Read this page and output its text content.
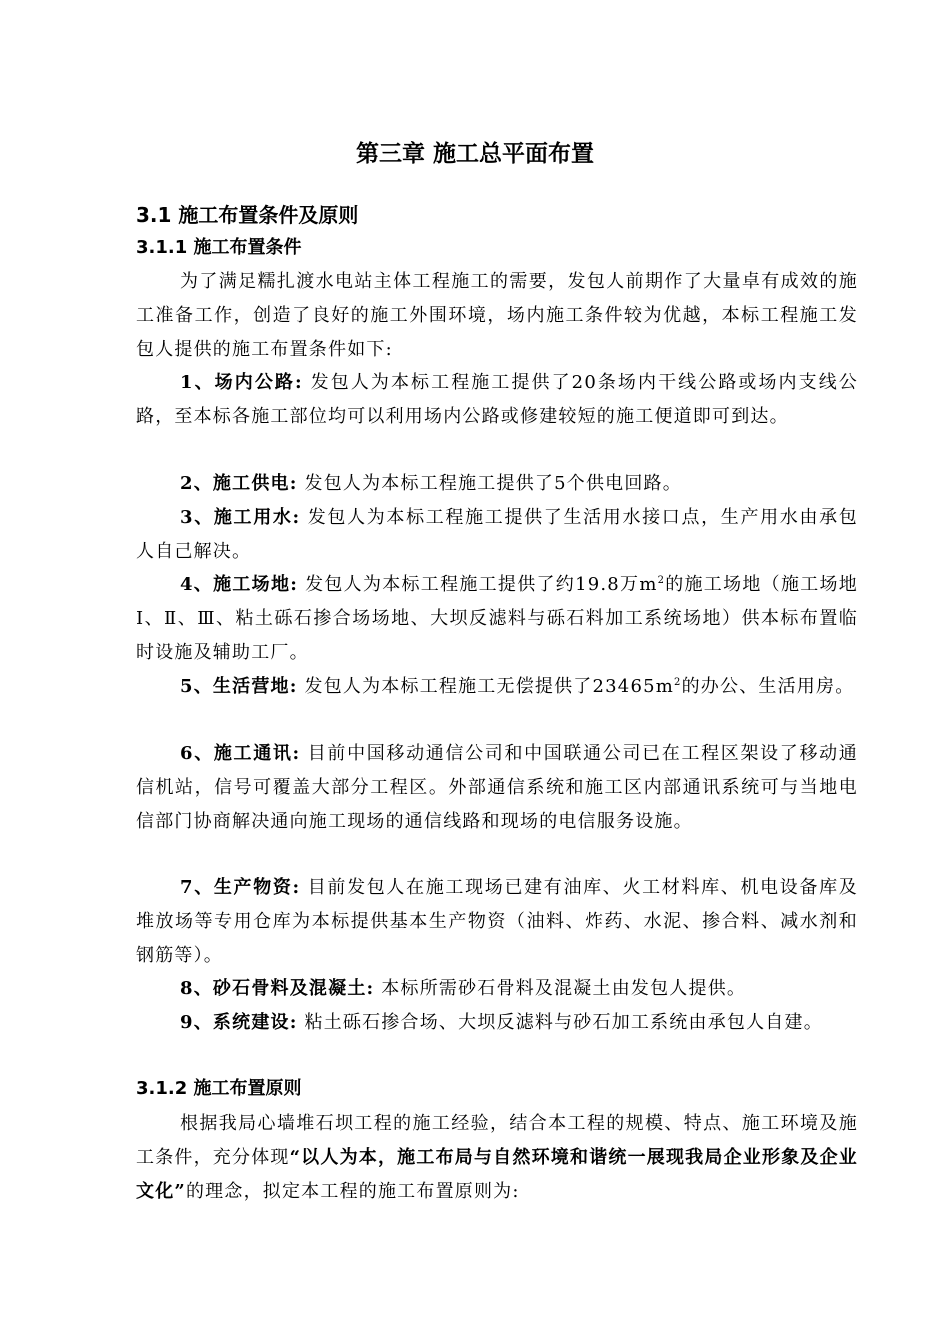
第三章 施工总平面布置
3.1 施工布置条件及原则
3.1.1 施工布置条件

为了满足糯扎渡水电站主体工程施工的需要，发包人前期作了大量卓有成效的施工准备工作，创造了良好的施工外围环境，场内施工条件较为优越，本标工程施工发包人提供的施工布置条件如下:

1、场内公路: 发包人为本标工程施工提供了20条场内干线公路或场内支线公路，至本标各施工部位均可以利用场内公路或修建较短的施工便道即可到达。

2、施工供电: 发包人为本标工程施工提供了5个供电回路。

3、施工用水: 发包人为本标工程施工提供了生活用水接口点，生产用水由承包人自己解决。

4、施工场地: 发包人为本标工程施工提供了约19.8万$m^2$的施工场地（施工场地Ⅰ、Ⅱ、Ⅲ、粘土砾石掺合场场地、大坝反滤料与砾石料加工系统场地）供本标布置临时设施及辅助工厂。

5、生活营地: 发包人为本标工程施工无偿提供了$23465m^2$的办公、生活用房。

6、施工通讯: 目前中国移动通信公司和中国联通公司已在工程区架设了移动通信机站，信号可覆盖大部分工程区。外部通信系统和施工区内部通讯系统可与当地电信部门协商解决通向施工现场的通信线路和现场的电信服务设施。

7、生产物资: 目前发包人在施工现场已建有油库、火工材料库、机电设备库及堆放场等专用仓库为本标提供基本生产物资（油料、炸药、水泥、掺合料、减水剂和钢筋等）。

8、砂石骨料及混凝土: 本标所需砂石骨料及混凝土由发包人提供。

9、系统建设: 粘土砾石掺合场、大坝反滤料与砂石加工系统由承包人自建。

3.1.2 施工布置原则

根据我局心墙堆石坝工程的施工经验，结合本工程的规模、特点、施工环境及施工条件，充分体现“以人为本，施工布局与自然环境和谐统一展现我局企业形象及企业文化”的理念，拟定本工程的施工布置原则为:
